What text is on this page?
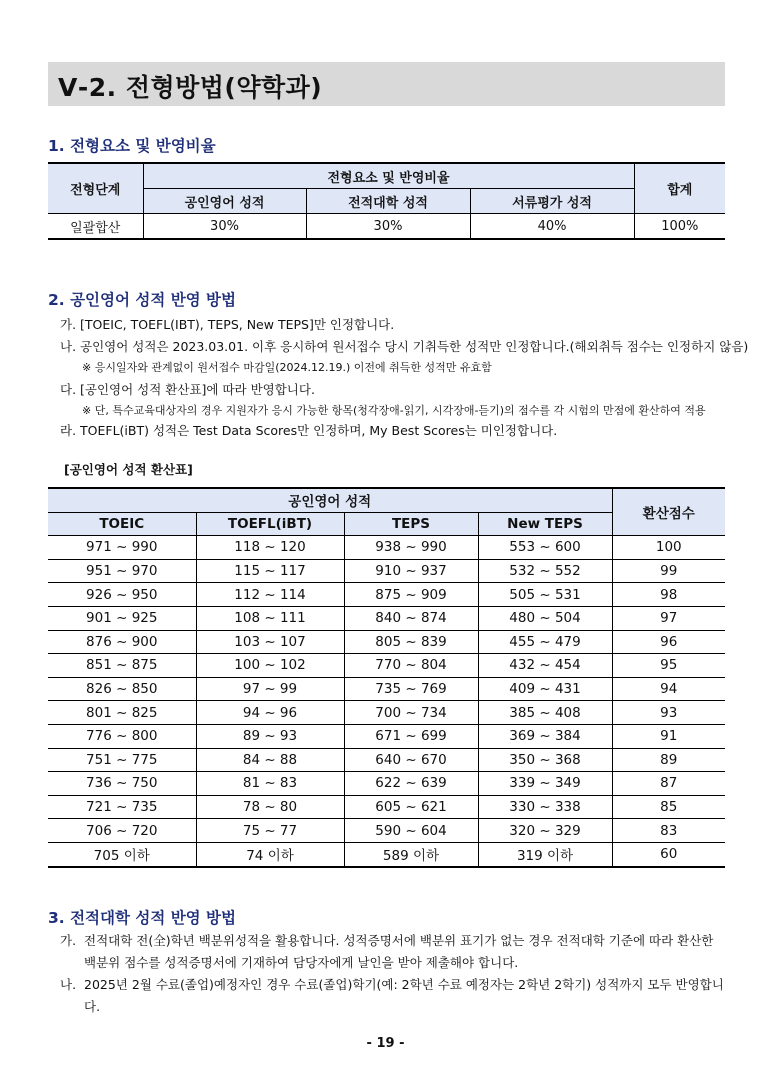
Ⅴ-2. 전형방법(약학과)
1. 전형요소 및 반영비율
전형단계	전형요소 및 반영비율			합계
	공인영어 성적	전적대학 성적	서류평가 성적	
일괄합산	30%	30%	40%	100%
2. 공인영어 성적 반영 방법
가. [TOEIC, TOEFL(IBT), TEPS, New TEPS]만 인정합니다.
나. 공인영어 성적은 2023.03.01. 이후 응시하여 원서접수 당시 기취득한 성적만 인정합니다.(해외취득 점수는 인정하지 않음)
※ 응시일자와 관계없이 원서접수 마감일(2024.12.19.) 이전에 취득한 성적만 유효함
다. [공인영어 성적 환산표]에 따라 반영합니다.
※ 단, 특수교육대상자의 경우 지원자가 응시 가능한 항목(청각장애-읽기, 시각장애-듣기)의 점수를 각 시험의 만점에 환산하여 적용
라. TOEFL(iBT) 성적은 Test Data Scores만 인정하며, My Best Scores는 미인정합니다.
[공인영어 성적 환산표]
공인영어 성적				환산점수
TOEIC	TOEFL(iBT)	TEPS	New TEPS	
971 ~ 990	118 ~ 120	938 ~ 990	553 ~ 600	100
951 ~ 970	115 ~ 117	910 ~ 937	532 ~ 552	99
926 ~ 950	112 ~ 114	875 ~ 909	505 ~ 531	98
901 ~ 925	108 ~ 111	840 ~ 874	480 ~ 504	97
876 ~ 900	103 ~ 107	805 ~ 839	455 ~ 479	96
851 ~ 875	100 ~ 102	770 ~ 804	432 ~ 454	95
826 ~ 850	97 ~ 99	735 ~ 769	409 ~ 431	94
801 ~ 825	94 ~ 96	700 ~ 734	385 ~ 408	93
776 ~ 800	89 ~ 93	671 ~ 699	369 ~ 384	91
751 ~ 775	84 ~ 88	640 ~ 670	350 ~ 368	89
736 ~ 750	81 ~ 83	622 ~ 639	339 ~ 349	87
721 ~ 735	78 ~ 80	605 ~ 621	330 ~ 338	85
706 ~ 720	75 ~ 77	590 ~ 604	320 ~ 329	83
705 이하	74 이하	589 이하	319 이하	60
3. 전적대학 성적 반영 방법
가. 전적대학 전(全)학년 백분위성적을 활용합니다. 성적증명서에 백분위 표기가 없는 경우 전적대학 기준에 따라 환산한 백분위 점수를 성적증명서에 기재하여 담당자에게 날인을 받아 제출해야 합니다.
나. 2025년 2월 수료(졸업)예정자인 경우 수료(졸업)학기(예: 2학년 수료 예정자는 2학년 2학기) 성적까지 모두 반영합니다.
- 19 -
